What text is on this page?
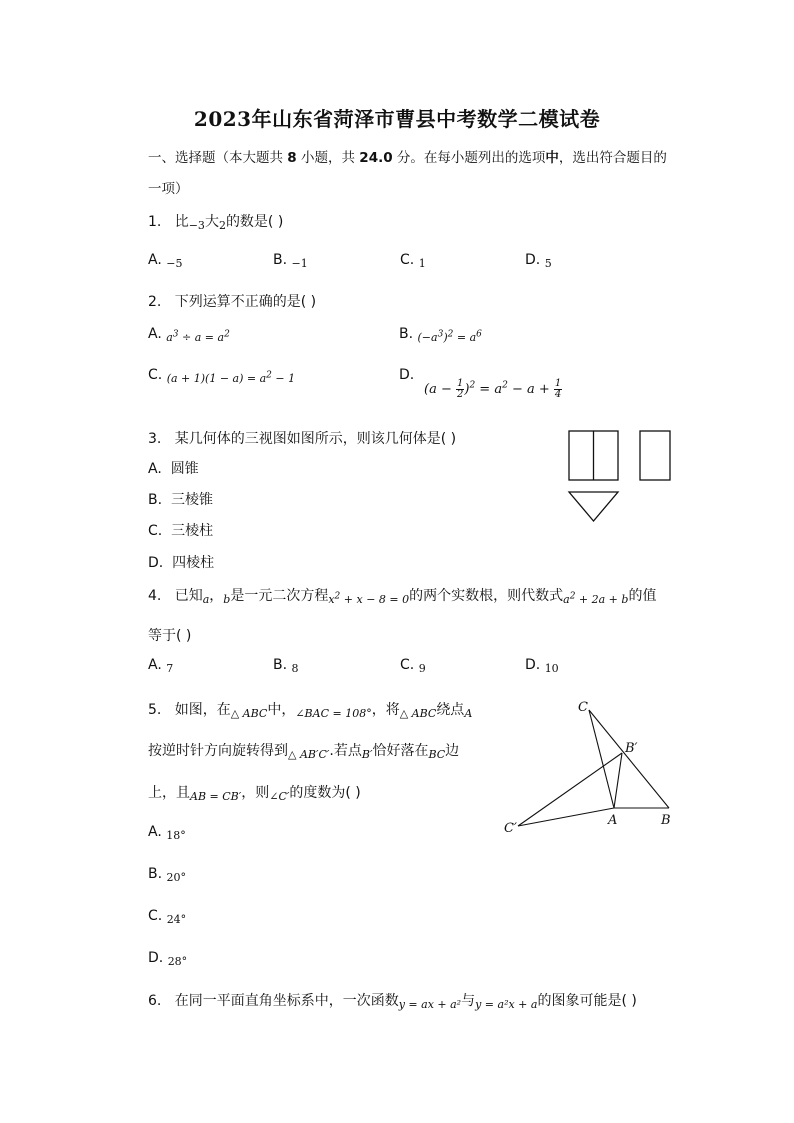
2023年山东省菏泽市曹县中考数学二模试卷
一、选择题（本大题共 8 小题，共 24.0 分。在每小题列出的选项中，选出符合题目的
一项）
1. 比$_{-3}$大$_2$的数是( )
A. $_{-5}$	B. $_{-1}$	C. $_1$	D. $_5$
2. 下列运算不正确的是( )
A. $_{a^3 \div a = a^2}$	B. $_{(-a^3)^2 = a^6}$
C. $_{(a + 1)(1 - a) = a^2 - 1}$	D.
$(a - \frac{1}{2} )^2 = a^2 - a + \frac{1}{4}$
3. 某几何体的三视图如图所示，则该几何体是( )
A. 圆锥
B. 三棱锥
C. 三棱柱
D. 四棱柱
4. 已知$_a$，$_b$是一元二次方程$_{x^2 + x - 8 = 0}$的两个实数根，则代数式$_{a^2 + 2a + b}$的值
等于( )
A. $_7$	B. $_8$	C. $_9$	D. $_{10}$
5. 如图，在$_{\triangle ABC}$中，$_{\angle BAC = 108^\circ}$，将$_{\triangle ABC}$绕点$_A$
按逆时针方向旋转得到$_{\triangle AB'C'}$.若点$_{B'}$恰好落在$_{BC}$边
上，且$_{AB = CB'}$，则$_{\angle C'}$的度数为( )
A. $_{18^\circ}$
B. $_{20^\circ}$
C. $_{24^\circ}$
D. $_{28^\circ}$
C
B′
C′
A	B
6. 在同一平面直角坐标系中，一次函数$_{y = ax + a^2}$与$_{y = a^2x + a}$的图象可能是( )
